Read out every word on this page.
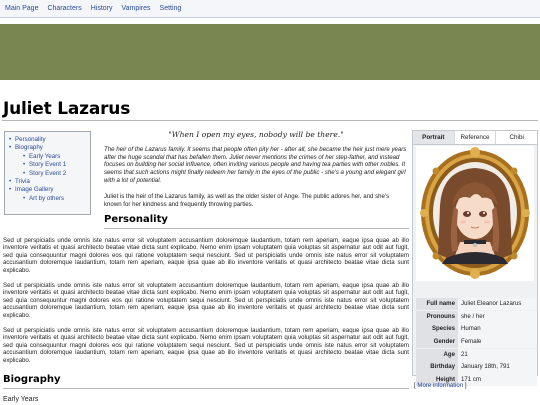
Main Page Characters History Vampires Setting
Juliet Lazarus
• Personality
• Biography
• Early Years
• Story Event 1
• Story Event 2
• Trivia
• Image Gallery
• Art by others
"When I open my eyes, nobody will be there."

The heir of the Lazarus family. It seems that people often pity her - after all, she became the heir just mere years after the huge scandal that has befallen them. Juliet never mentions the crimes of her step-father, and instead focuses on building her social influence, often inviting various people and having tea parties with other nobles. It seems that such actions might finally redeem her family in the eyes of the public - she's a young and elegant girl with a lot of potential.

Juliet is the heir of the Lazarus family, as well as the older sister of Ange. The public adores her, and she's known for her kindness and frequently throwing parties.

Personality

Sed ut perspiciatis unde omnis iste natus error sit voluptatem accusantium doloremque laudantium, totam rem aperiam, eaque ipsa quae ab illo inventore veritatis et quasi architecto beatae vitae dicta sunt explicabo. Nemo enim ipsam voluptatem quia voluptas sit aspernatur aut odit aut fugit, sed quia consequuntur magni dolores eos qui ratione voluptatem sequi nesciunt. Sed ut perspiciatis unde omnis iste natus error sit voluptatem accusantium doloremque laudantium, totam rem aperiam, eaque ipsa quae ab illo inventore veritatis et quasi architecto beatae vitae dicta sunt explicabo.

Sed ut perspiciatis unde omnis iste natus error sit voluptatem accusantium doloremque laudantium, totam rem aperiam, eaque ipsa quae ab illo inventore veritatis et quasi architecto beatae vitae dicta sunt explicabo. Nemo enim ipsam voluptatem quia voluptas sit aspernatur aut odit aut fugit, sed quia consequuntur magni dolores eos qui ratione voluptatem sequi nesciunt. Sed ut perspiciatis unde omnis iste natus error sit voluptatem accusantium doloremque laudantium, totam rem aperiam, eaque ipsa quae ab illo inventore veritatis et quasi architecto beatae vitae dicta sunt explicabo.

Sed ut perspiciatis unde omnis iste natus error sit voluptatem accusantium doloremque laudantium, totam rem aperiam, eaque ipsa quae ab illo inventore veritatis et quasi architecto beatae vitae dicta sunt explicabo. Nemo enim ipsam voluptatem quia voluptas sit aspernatur aut odit aut fugit, sed quia consequuntur magni dolores eos qui ratione voluptatem sequi nesciunt. Sed ut perspiciatis unde omnis iste natus error sit voluptatem accusantium doloremque laudantium, totam rem aperiam, eaque ipsa quae ab illo inventore veritatis et quasi architecto beatae vitae dicta sunt explicabo.

Biography
Early Years
Portrait	Reference	Chibi
Full name Juliet Eleanor Lazarus
Pronouns she / her
Species Human
Gender Female
Age 21
Birthday January 18th, 791
Height 171 cm
[ More information ]
